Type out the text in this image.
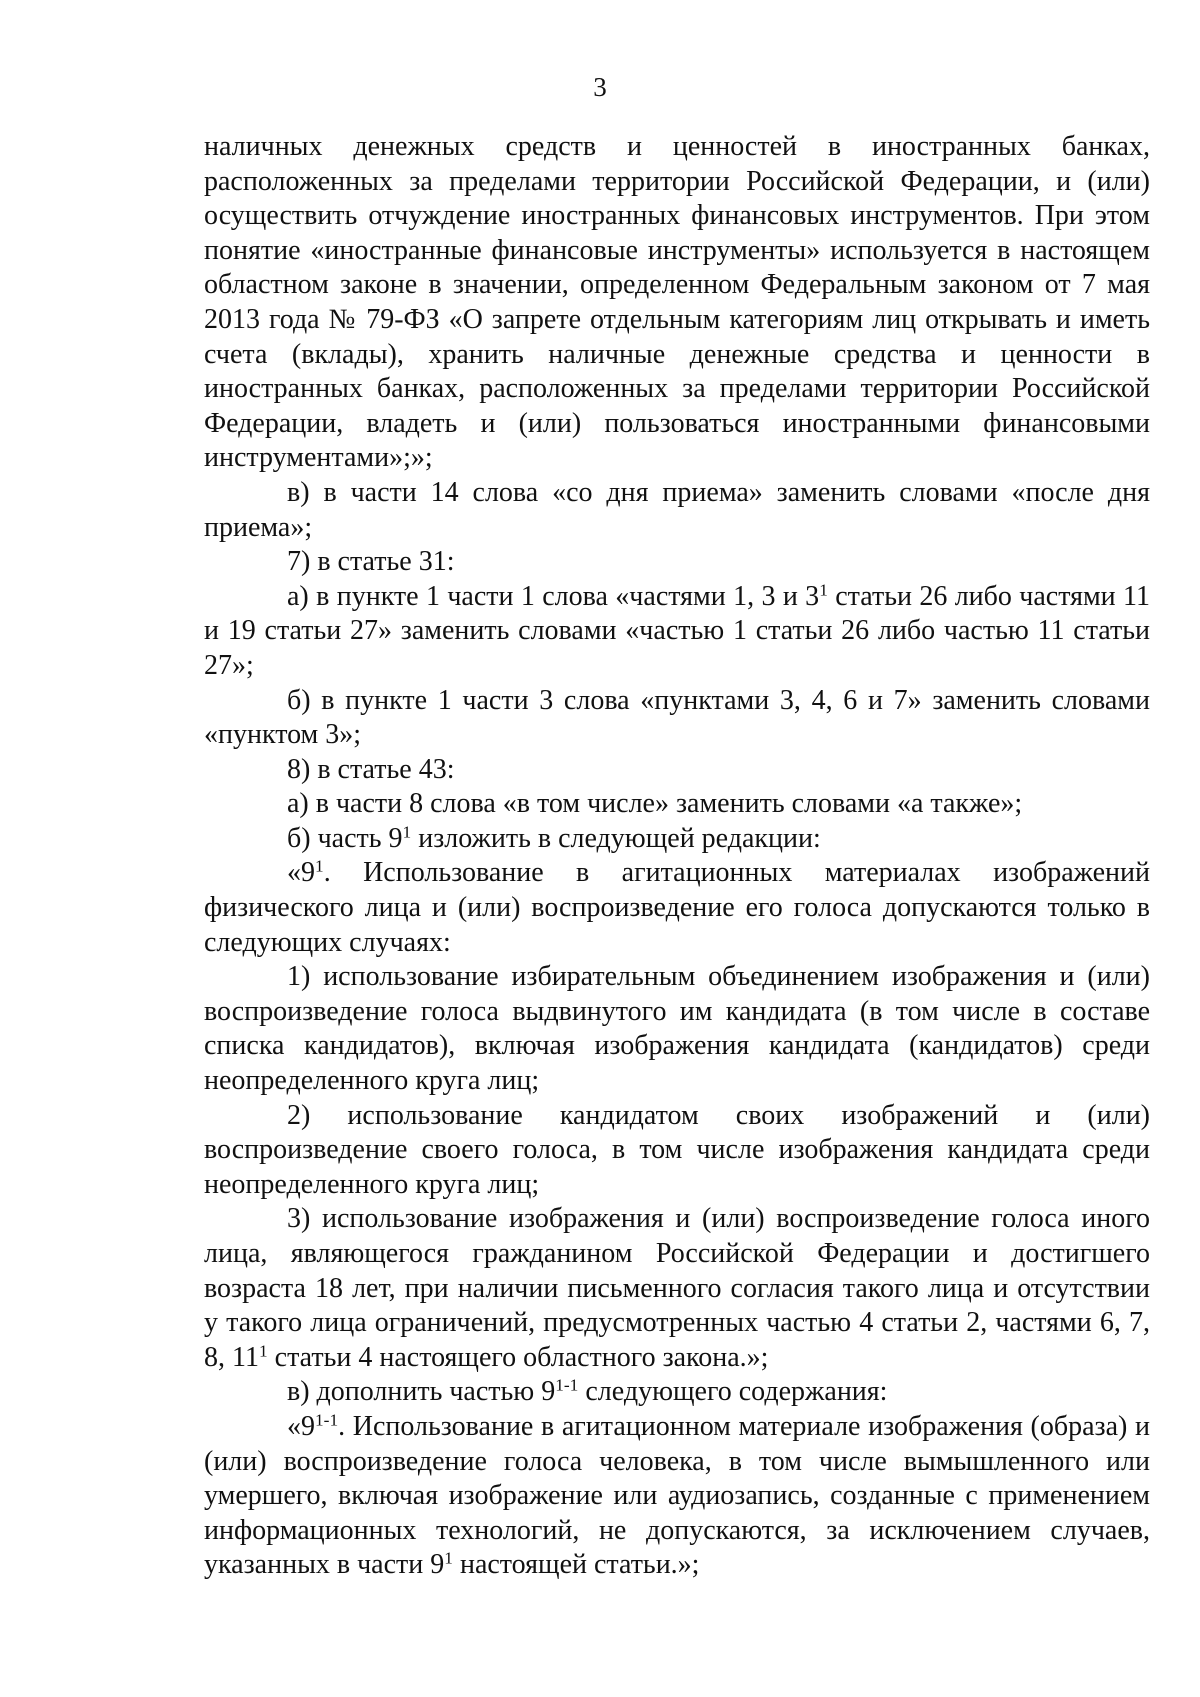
3

наличных денежных средств и ценностей в иностранных банках, расположенных за пределами территории Российской Федерации, и (или) осуществить отчуждение иностранных финансовых инструментов. При этом понятие «иностранные финансовые инструменты» используется в настоящем областном законе в значении, определенном Федеральным законом от 7 мая 2013 года № 79-ФЗ «О запрете отдельным категориям лиц открывать и иметь счета (вклады), хранить наличные денежные средства и ценности в иностранных банках, расположенных за пределами территории Российской Федерации, владеть и (или) пользоваться иностранными финансовыми инструментами»;»;

в) в части 14 слова «со дня приема» заменить словами «после дня приема»;

7) в статье 31:

а) в пункте 1 части 1 слова «частями 1, 3 и $3^1$ статьи 26 либо частями 11 и 19 статьи 27» заменить словами «частью 1 статьи 26 либо частью 11 статьи 27»;

б) в пункте 1 части 3 слова «пунктами 3, 4, 6 и 7» заменить словами «пунктом 3»;

8) в статье 43:

а) в части 8 слова «в том числе» заменить словами «а также»;

б) часть $9^1$ изложить в следующей редакции:

«$9^1$. Использование в агитационных материалах изображений физического лица и (или) воспроизведение его голоса допускаются только в следующих случаях:

1) использование избирательным объединением изображения и (или) воспроизведение голоса выдвинутого им кандидата (в том числе в составе списка кандидатов), включая изображения кандидата (кандидатов) среди неопределенного круга лиц;

2) использование кандидатом своих изображений и (или) воспроизведение своего голоса, в том числе изображения кандидата среди неопределенного круга лиц;

3) использование изображения и (или) воспроизведение голоса иного лица, являющегося гражданином Российской Федерации и достигшего возраста 18 лет, при наличии письменного согласия такого лица и отсутствии у такого лица ограничений, предусмотренных частью 4 статьи 2, частями 6, 7, 8, $11^1$ статьи 4 настоящего областного закона.»;

в) дополнить частью 9$^{1-1}$ следующего содержания:

«9$^{1-1}$. Использование в агитационном материале изображения (образа) и (или) воспроизведение голоса человека, в том числе вымышленного или умершего, включая изображение или аудиозапись, созданные с применением информационных технологий, не допускаются, за исключением случаев, указанных в части $9^1$ настоящей статьи.»;
